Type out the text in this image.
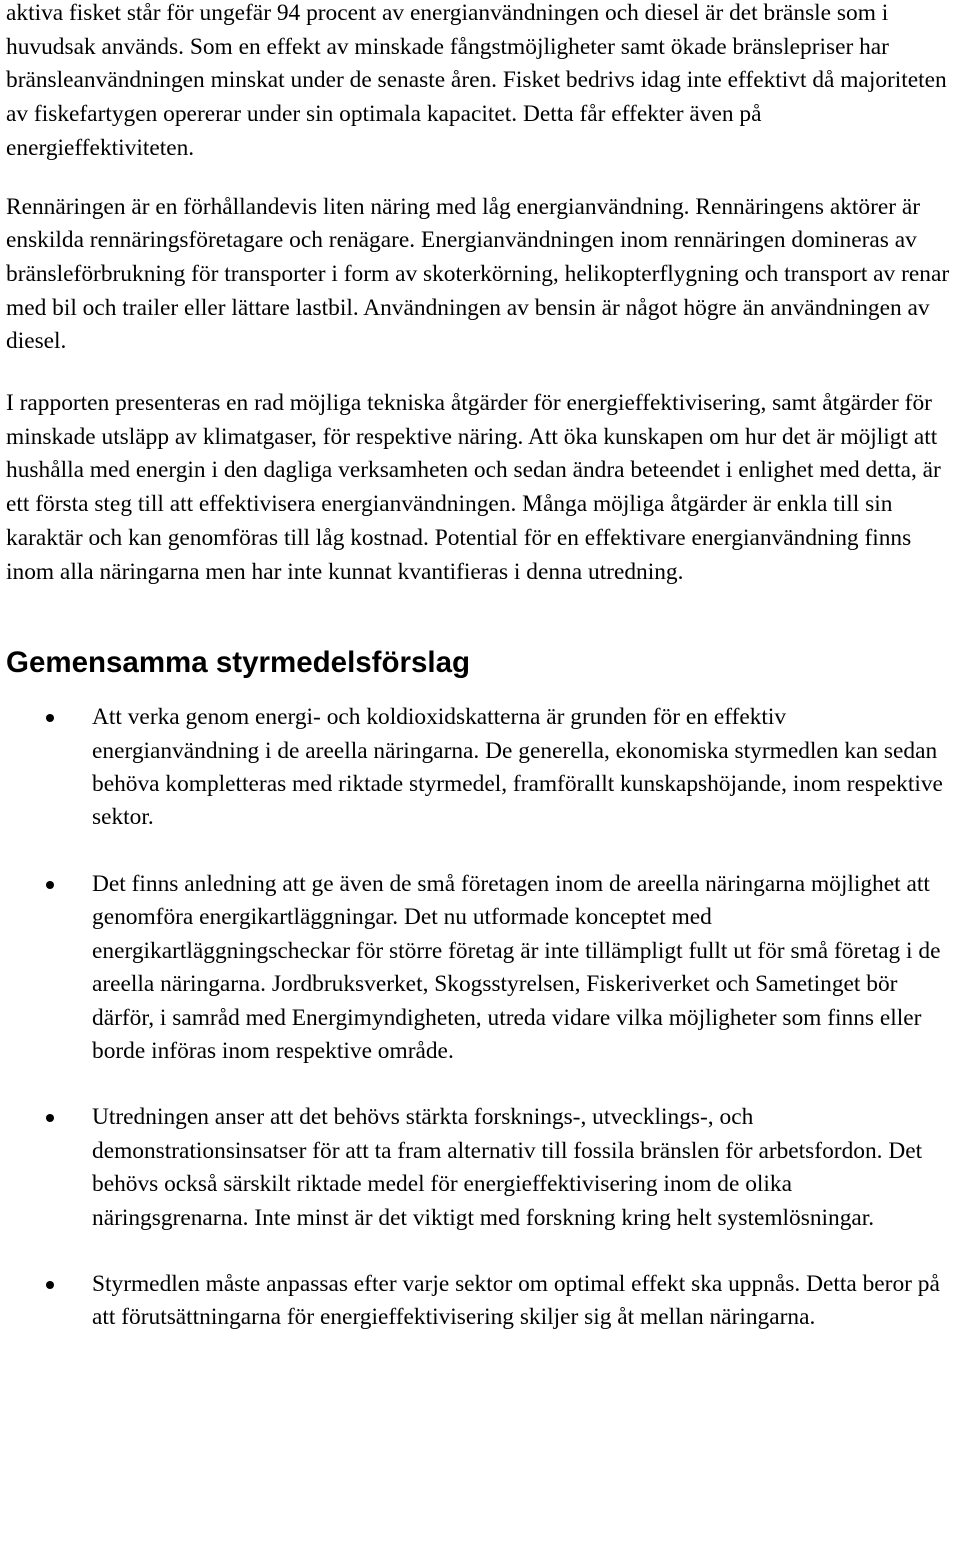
aktiva fisket står för ungefär 94 procent av energianvändningen och diesel är det bränsle som i huvudsak används. Som en effekt av minskade fångstmöjligheter samt ökade bränslepriser har bränsleanvändningen minskat under de senaste åren. Fisket bedrivs idag inte effektivt då majoriteten av fiskefartygen opererar under sin optimala kapacitet. Detta får effekter även på energieffektiviteten.

Rennäringen är en förhållandevis liten näring med låg energianvändning. Rennäringens aktörer är enskilda rennäringsföretagare och renägare. Energianvändningen inom rennäringen domineras av bränsleförbrukning för transporter i form av skoterkörning, helikopterflygning och transport av renar med bil och trailer eller lättare lastbil. Användningen av bensin är något högre än användningen av diesel.

I rapporten presenteras en rad möjliga tekniska åtgärder för energieffektivisering, samt åtgärder för minskade utsläpp av klimatgaser, för respektive näring. Att öka kunskapen om hur det är möjligt att hushålla med energin i den dagliga verksamheten och sedan ändra beteendet i enlighet med detta, är ett första steg till att effektivisera energianvändningen. Många möjliga åtgärder är enkla till sin karaktär och kan genomföras till låg kostnad. Potential för en effektivare energianvändning finns inom alla näringarna men har inte kunnat kvantifieras i denna utredning.

Gemensamma styrmedelsförslag
Att verka genom energi- och koldioxidskatterna är grunden för en effektiv energianvändning i de areella näringarna. De generella, ekonomiska styrmedlen kan sedan behöva kompletteras med riktade styrmedel, framförallt kunskapshöjande, inom respektive sektor.
Det finns anledning att ge även de små företagen inom de areella näringarna möjlighet att genomföra energikartläggningar. Det nu utformade konceptet med energikartläggningscheckar för större företag är inte tillämpligt fullt ut för små företag i de areella näringarna. Jordbruksverket, Skogsstyrelsen, Fiskeriverket och Sametinget bör därför, i samråd med Energimyndigheten, utreda vidare vilka möjligheter som finns eller borde införas inom respektive område.
Utredningen anser att det behövs stärkta forsknings-, utvecklings-, och demonstrationsinsatser för att ta fram alternativ till fossila bränslen för arbetsfordon. Det behövs också särskilt riktade medel för energieffektivisering inom de olika näringsgrenarna. Inte minst är det viktigt med forskning kring helt systemlösningar.
Styrmedlen måste anpassas efter varje sektor om optimal effekt ska uppnås. Detta beror på att förutsättningarna för energieffektivisering skiljer sig åt mellan näringarna.
